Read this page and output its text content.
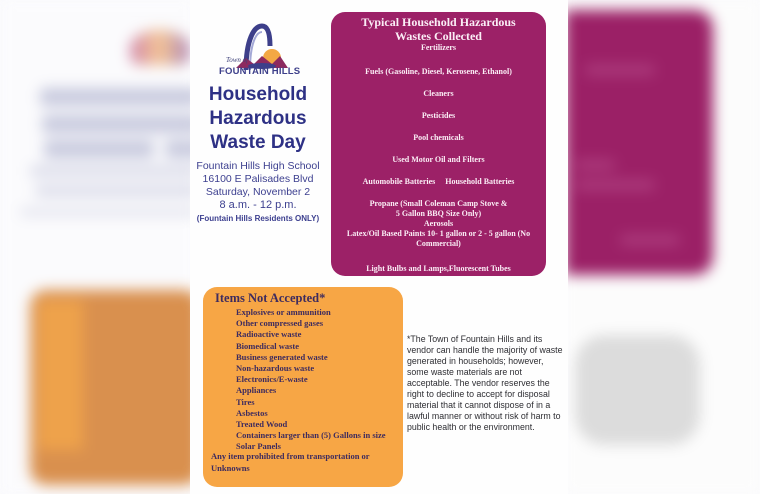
Town of
FOUNTAIN HILLS
Household
Hazardous
Waste Day
Fountain Hills High School
16100 E Palisades Blvd
Saturday, November 2
8 a.m. - 12 p.m.
(Fountain Hills Residents ONLY)
Typical Household Hazardous
Wastes Collected
Fertilizers
Fuels (Gasoline, Diesel, Kerosene, Ethanol)
Cleaners
Pesticides
Pool chemicals
Used Motor Oil and Filters
Automobile Batteries     Household Batteries
Propane (Small Coleman Camp Stove &
5 Gallon BBQ Size Only)
Aerosols
Latex/Oil Based Paints 10- 1 gallon or 2 - 5 gallon (No
Commercial)
Light Bulbs and Lamps,Fluorescent Tubes
Items Not Accepted*
Explosives or ammunition
Other compressed gases
Radioactive waste
Biomedical waste
Business generated waste
Non-hazardous waste
Electronics/E-waste
Appliances
Tires
Asbestos
Treated Wood
Containers larger than (5) Gallons in size
Solar Panels
Any item prohibited from transportation or Unknowns
*The Town of Fountain Hills and its vendor can handle the majority of waste generated in households; however, some waste materials are not acceptable. The vendor reserves the right to decline to accept for disposal material that it cannot dispose of in a lawful manner or without risk of harm to public health or the environment.
